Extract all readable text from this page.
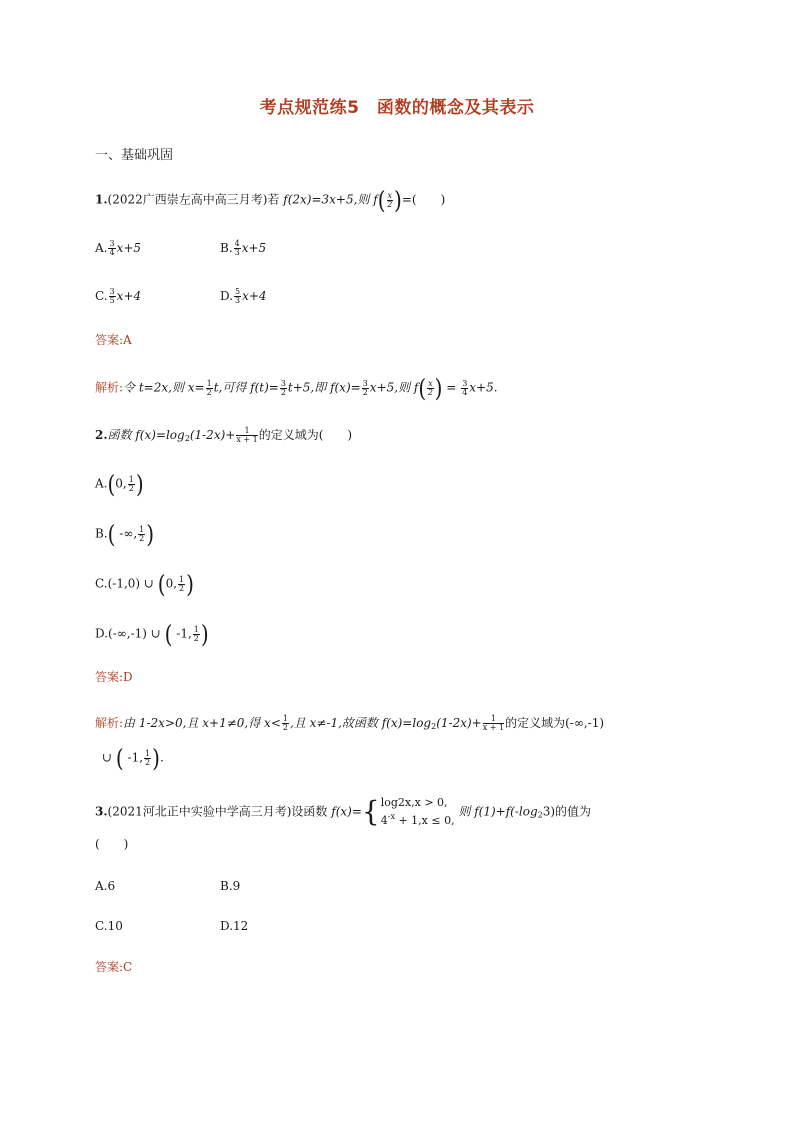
考点规范练5　函数的概念及其表示
一、基础巩固
1.(2022广西崇左高中高三月考)若 f(2x)=3x+5,则 $f( \frac{x}{2}$ )=(　　)
A. $\frac{3}{4} x+5$	B. $\frac{4}{3} x+5$
C. $\frac{3}{5} x+4$	D. $\frac{5}{3} x+4$
答案:A
解析:令 t=2x,则 $x= \frac{1}{2} t$,可得 $f(t)= \frac{3}{2} t+5$,即 $f(x)= \frac{3}{2} x+5$,则 $f( \frac{x}{2}$ ) = $\frac{3}{4} x+5$.
2.函数 $f(x)=\log_2(1-2x)+ \frac{1}{x + 1}$ 的定义域为(　　)
A.(0, $\frac{1}{2}$ )
B.( -∞, $\frac{1}{2}$ )
C.(-1,0) ∪ (0, $\frac{1}{2}$ )
D.(-∞,-1) ∪ ( -1, $\frac{1}{2}$ )
答案:D
解析:由 1-2x>0,且 x+1≠0,得 $x< \frac{1}{2}$ ,且 x≠-1,故函数 $f(x)=\log_2(1-2x)+ \frac{1}{x + 1}$ 的定义域为(-∞,-1)
∪ ( -1, $\frac{1}{2}$ ).
3.(2021河北正中实验中学高三月考)设函数 f(x)={ log2x,x > 0,
$4^{-x} + 1,x \le 0$,
则 $f(1)+f(-\log_23)$的值为
(　　)
A.6	B.9
C.10	D.12
答案:C
